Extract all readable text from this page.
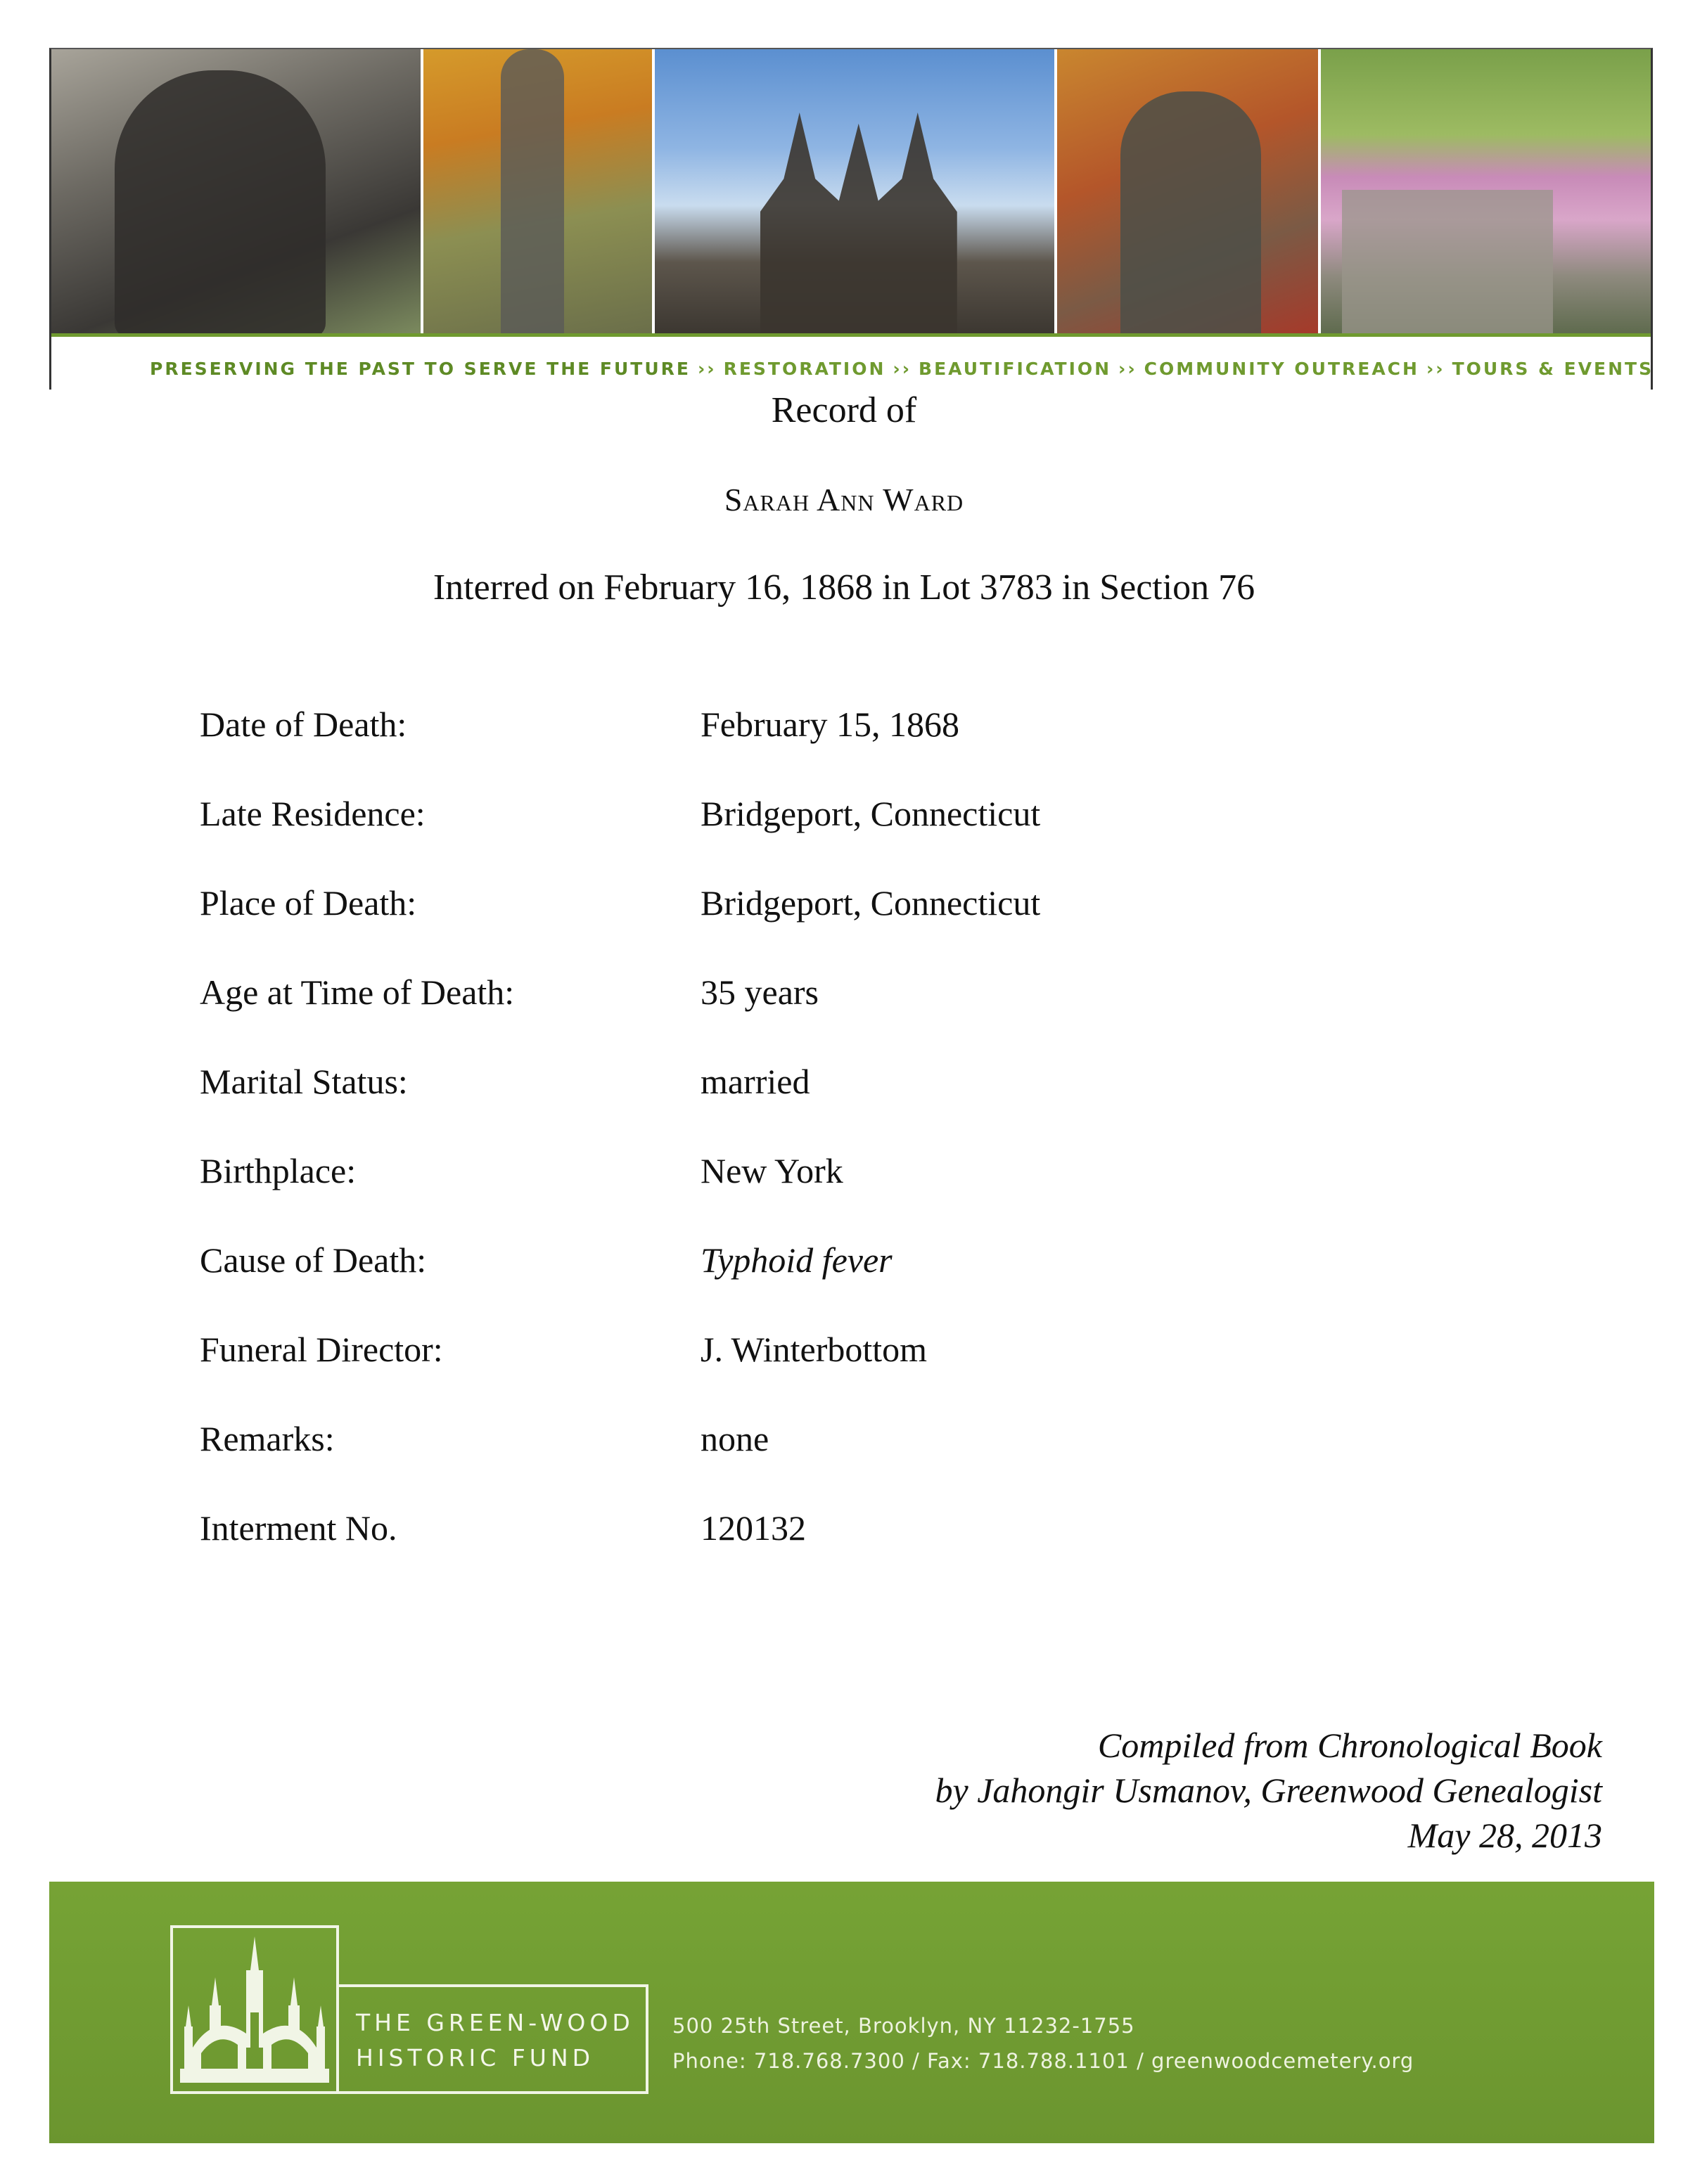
PRESERVING THE PAST TO SERVE THE FUTURE ›› RESTORATION ›› BEAUTIFICATION ›› COMMUNITY OUTREACH ›› TOURS & EVENTS
Record of
Sarah Ann Ward
Interred on February 16, 1868 in Lot 3783 in Section 76
Date of Death:	February 15, 1868
Late Residence:	Bridgeport, Connecticut
Place of Death:	Bridgeport, Connecticut
Age at Time of Death:	35 years
Marital Status:	married
Birthplace:	New York
Cause of Death:	Typhoid fever
Funeral Director:	J. Winterbottom
Remarks:	none
Interment No.	120132
Compiled from Chronological Book
by Jahongir Usmanov, Greenwood Genealogist
May 28, 2013
THE GREEN-WOOD
HISTORIC FUND
500 25th Street, Brooklyn, NY 11232-1755
Phone: 718.768.7300 / Fax: 718.788.1101 / greenwoodcemetery.org
